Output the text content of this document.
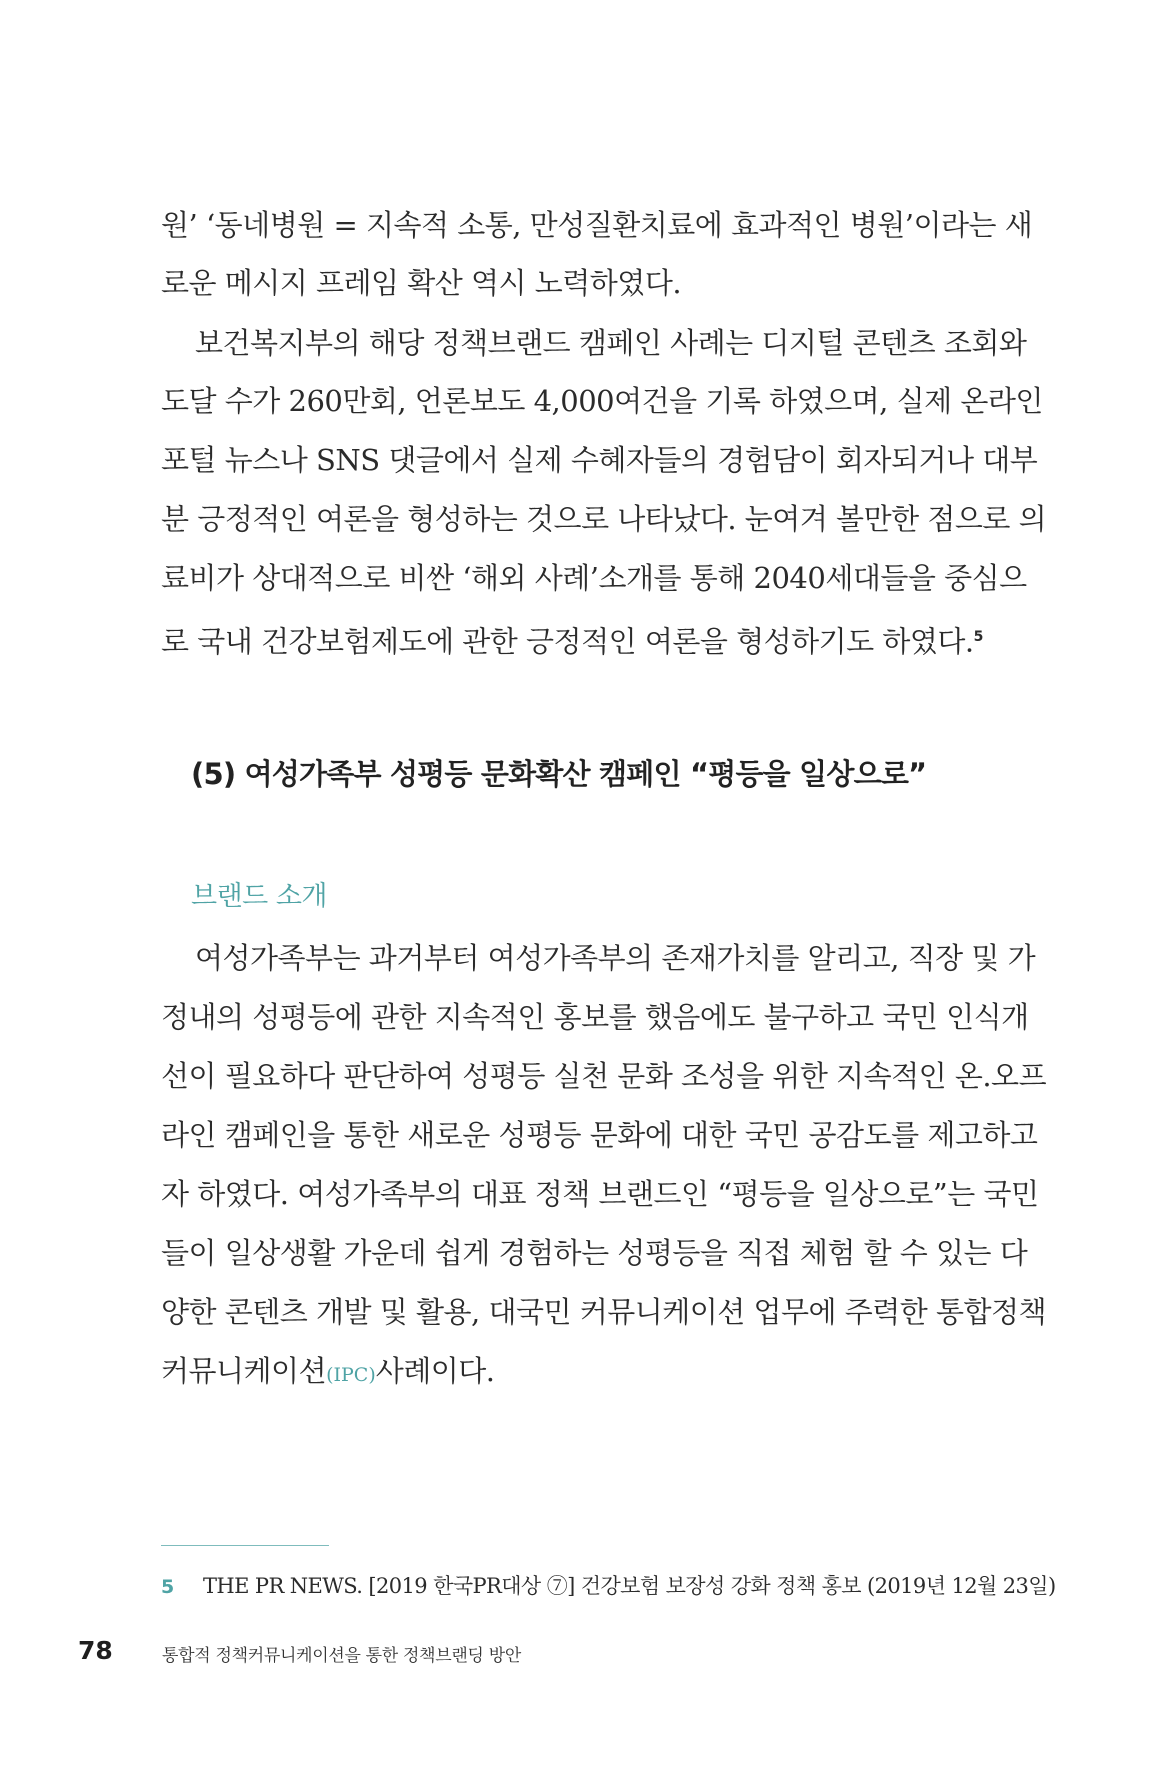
원’ ‘동네병원 = 지속적 소통, 만성질환치료에 효과적인 병원’이라는 새
로운 메시지 프레임 확산 역시 노력하였다.
보건복지부의 해당 정책브랜드 캠페인 사례는 디지털 콘텐츠 조회와
도달 수가 260만회, 언론보도 4,000여건을 기록 하였으며, 실제 온라인
포털 뉴스나 SNS 댓글에서 실제 수혜자들의 경험담이 회자되거나 대부
분 긍정적인 여론을 형성하는 것으로 나타났다. 눈여겨 볼만한 점으로 의
료비가 상대적으로 비싼 ‘해외 사례’소개를 통해 2040세대들을 중심으
로 국내 건강보험제도에 관한 긍정적인 여론을 형성하기도 하였다.$^5$
(5) 여성가족부 성평등 문화확산 캠페인 “평등을 일상으로”
브랜드 소개
여성가족부는 과거부터 여성가족부의 존재가치를 알리고, 직장 및 가
정내의 성평등에 관한 지속적인 홍보를 했음에도 불구하고 국민 인식개
선이 필요하다 판단하여 성평등 실천 문화 조성을 위한 지속적인 온.오프
라인 캠페인을 통한 새로운 성평등 문화에 대한 국민 공감도를 제고하고
자 하였다. 여성가족부의 대표 정책 브랜드인 “평등을 일상으로”는 국민
들이 일상생활 가운데 쉽게 경험하는 성평등을 직접 체험 할 수 있는 다
양한 콘텐츠 개발 및 활용, 대국민 커뮤니케이션 업무에 주력한 통합정책
커뮤니케이션(IPC)사례이다.
5 THE PR NEWS. [2019 한국PR대상 ⑦] 건강보험 보장성 강화 정책 홍보 (2019년 12월 23일)
78	통합적 정책커뮤니케이션을 통한 정책브랜딩 방안
